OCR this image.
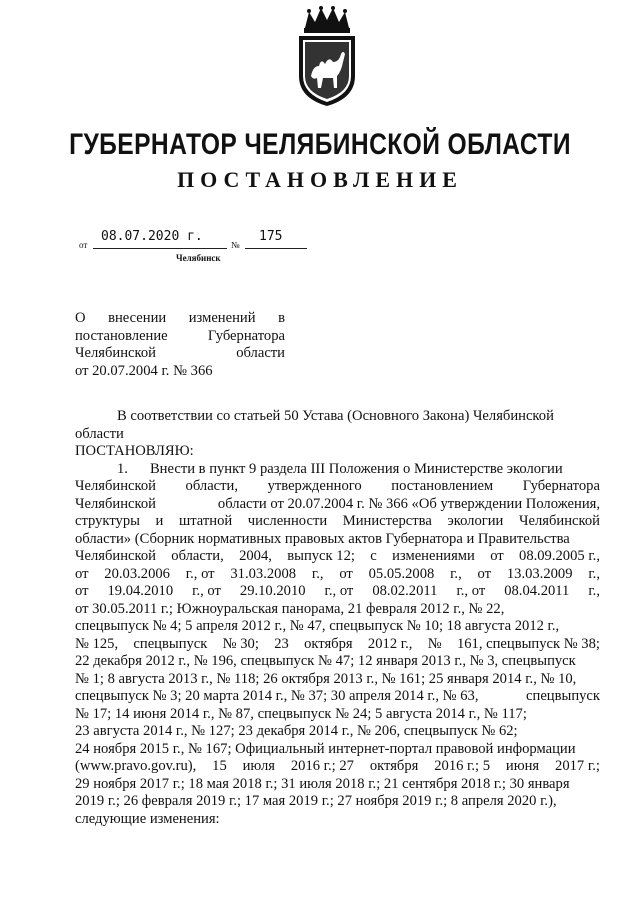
ГУБЕРНАТОР ЧЕЛЯБИНСКОЙ ОБЛАСТИ
ПОСТАНОВЛЕНИЕ
от
08.07.2020 г.
№
175
Челябинск
О внесении изменений в
постановление	Губернатора
Челябинской	области
от 20.07.2004 г. № 366
В соответствии со статьей 50 Устава (Основного Закона) Челябинской
области
ПОСТАНОВЛЯЮ:
1. Внести в пункт 9 раздела III Положения о Министерстве экологии
Челябинской области, утвержденного постановлением Губернатора
Челябинской	области от 20.07.2004 г. № 366 «Об утверждении Положения,
структуры и штатной численности Министерства экологии Челябинской
области» (Сборник нормативных правовых актов Губернатора и Правительства
Челябинской области, 2004, выпуск 12; с изменениями от 08.09.2005 г.,
от 20.03.2006 г., от 31.03.2008 г., от 05.05.2008 г., от 13.03.2009 г.,
от 19.04.2010 г., от 29.10.2010 г., от 08.02.2011 г., от 08.04.2011 г.,
от 30.05.2011 г.; Южноуральская панорама, 21 февраля 2012 г., № 22,
спецвыпуск № 4; 5 апреля 2012 г., № 47, спецвыпуск № 10; 18 августа 2012 г.,
№ 125, спецвыпуск № 30; 23 октября 2012 г., № 161, спецвыпуск № 38;
22 декабря 2012 г., № 196, спецвыпуск № 47; 12 января 2013 г., № 3, спецвыпуск
№ 1; 8 августа 2013 г., № 118; 26 октября 2013 г., № 161; 25 января 2014 г., № 10,
спецвыпуск № 3; 20 марта 2014 г., № 37; 30 апреля 2014 г., № 63,	спецвыпуск
№ 17; 14 июня 2014 г., № 87, спецвыпуск № 24; 5 августа 2014 г., № 117;
23 августа 2014 г., № 127; 23 декабря 2014 г., № 206, спецвыпуск № 62;
24 ноября 2015 г., № 167; Официальный интернет-портал правовой информации
(www.pravo.gov.ru), 15 июля 2016 г.; 27 октября 2016 г.; 5 июня 2017 г.;
29 ноября 2017 г.; 18 мая 2018 г.; 31 июля 2018 г.; 21 сентября 2018 г.; 30 января
2019 г.; 26 февраля 2019 г.; 17 мая 2019 г.; 27 ноября 2019 г.; 8 апреля 2020 г.),
следующие изменения:
